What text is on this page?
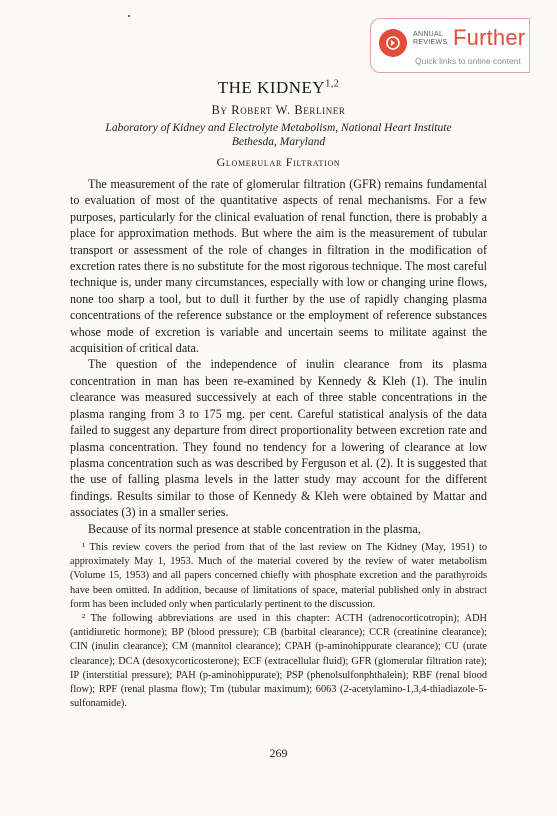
ANNUAL
REVIEWS Further
Quick links to online content
THE KIDNEY$^{1,2}$
By Robert W. Berliner
Laboratory of Kidney and Electrolyte Metabolism, National Heart Institute
Bethesda, Maryland
Glomerular Filtration

The measurement of the rate of glomerular filtration (GFR) remains fundamental to evaluation of most of the quantitative aspects of renal mechanisms. For a few purposes, particularly for the clinical evaluation of renal function, there is probably a place for approximation methods. But where the aim is the measurement of tubular transport or assessment of the role of changes in filtration in the modification of excretion rates there is no substitute for the most rigorous technique. The most careful technique is, under many circumstances, especially with low or changing urine flows, none too sharp a tool, but to dull it further by the use of rapidly changing plasma concentrations of the reference substance or the employment of reference substances whose mode of excretion is variable and uncertain seems to militate against the acquisition of critical data.

The question of the independence of inulin clearance from its plasma concentration in man has been re-examined by Kennedy & Kleh (1). The inulin clearance was measured successively at each of three stable concentrations in the plasma ranging from 3 to 175 mg. per cent. Careful statistical analysis of the data failed to suggest any departure from direct proportionality between excretion rate and plasma concentration. They found no tendency for a lowering of clearance at low plasma concentration such as was described by Ferguson et al. (2). It is suggested that the use of falling plasma levels in the latter study may account for the different findings. Results similar to those of Kennedy & Kleh were obtained by Mattar and associates (3) in a smaller series.

Because of its normal presence at stable concentration in the plasma,

¹ This review covers the period from that of the last review on The Kidney (May, 1951) to approximately May 1, 1953. Much of the material covered by the review of water metabolism (Volume 15, 1953) and all papers concerned chiefly with phosphate excretion and the parathyroids have been omitted. In addition, because of limitations of space, material published only in abstract form has been included only when particularly pertinent to the discussion.

² The following abbreviations are used in this chapter: ACTH (adrenocorticotropin); ADH (antidiuretic hormone); BP (blood pressure); CB (barbital clearance); CCR (creatinine clearance); CIN (inulin clearance); CM (mannitol clearance); CPAH (p-aminohippurate clearance); CU (urate clearance); DCA (desoxycorticosterone); ECF (extracellular fluid); GFR (glomerular filtration rate); IP (interstitial pressure); PAH (p-aminohippurate); PSP (phenolsulfonphthalein); RBF (renal blood flow); RPF (renal plasma flow); Tm (tubular maximum); 6063 (2-acetylamino-1,3,4-thiadiazole-5-sulfonamide).

269
